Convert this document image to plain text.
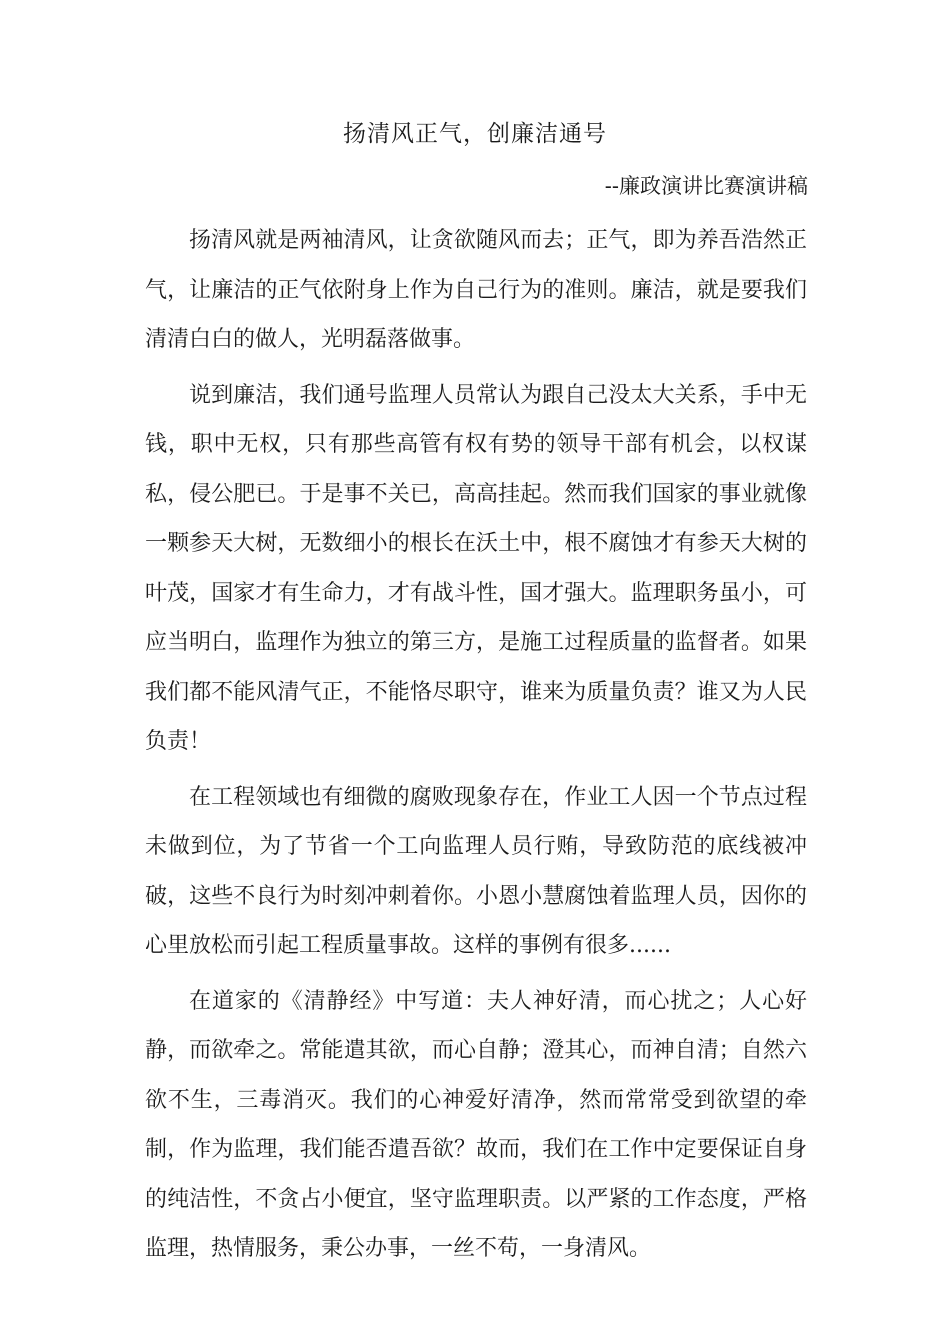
扬清风正气，创廉洁通号
--廉政演讲比赛演讲稿

扬清风就是两袖清风，让贪欲随风而去；正气，即为养吾浩然正气，让廉洁的正气依附身上作为自己行为的准则。廉洁，就是要我们清清白白的做人，光明磊落做事。

说到廉洁，我们通号监理人员常认为跟自己没太大关系，手中无钱，职中无权，只有那些高管有权有势的领导干部有机会，以权谋私，侵公肥已。于是事不关已，高高挂起。然而我们国家的事业就像一颗参天大树，无数细小的根长在沃土中，根不腐蚀才有参天大树的叶茂，国家才有生命力，才有战斗性，国才强大。监理职务虽小，可应当明白，监理作为独立的第三方，是施工过程质量的监督者。如果我们都不能风清气正，不能恪尽职守，谁来为质量负责？谁又为人民负责！

在工程领域也有细微的腐败现象存在，作业工人因一个节点过程未做到位，为了节省一个工向监理人员行贿，导致防范的底线被冲破，这些不良行为时刻冲刺着你。小恩小慧腐蚀着监理人员，因你的心里放松而引起工程质量事故。这样的事例有很多......

在道家的《清静经》中写道：夫人神好清，而心扰之；人心好静，而欲牵之。常能遣其欲，而心自静；澄其心，而神自清；自然六欲不生，三毒消灭。我们的心神爱好清净，然而常常受到欲望的牵制，作为监理，我们能否遣吾欲？故而，我们在工作中定要保证自身的纯洁性，不贪占小便宜，坚守监理职责。以严紧的工作态度，严格监理，热情服务，秉公办事，一丝不苟，一身清风。
